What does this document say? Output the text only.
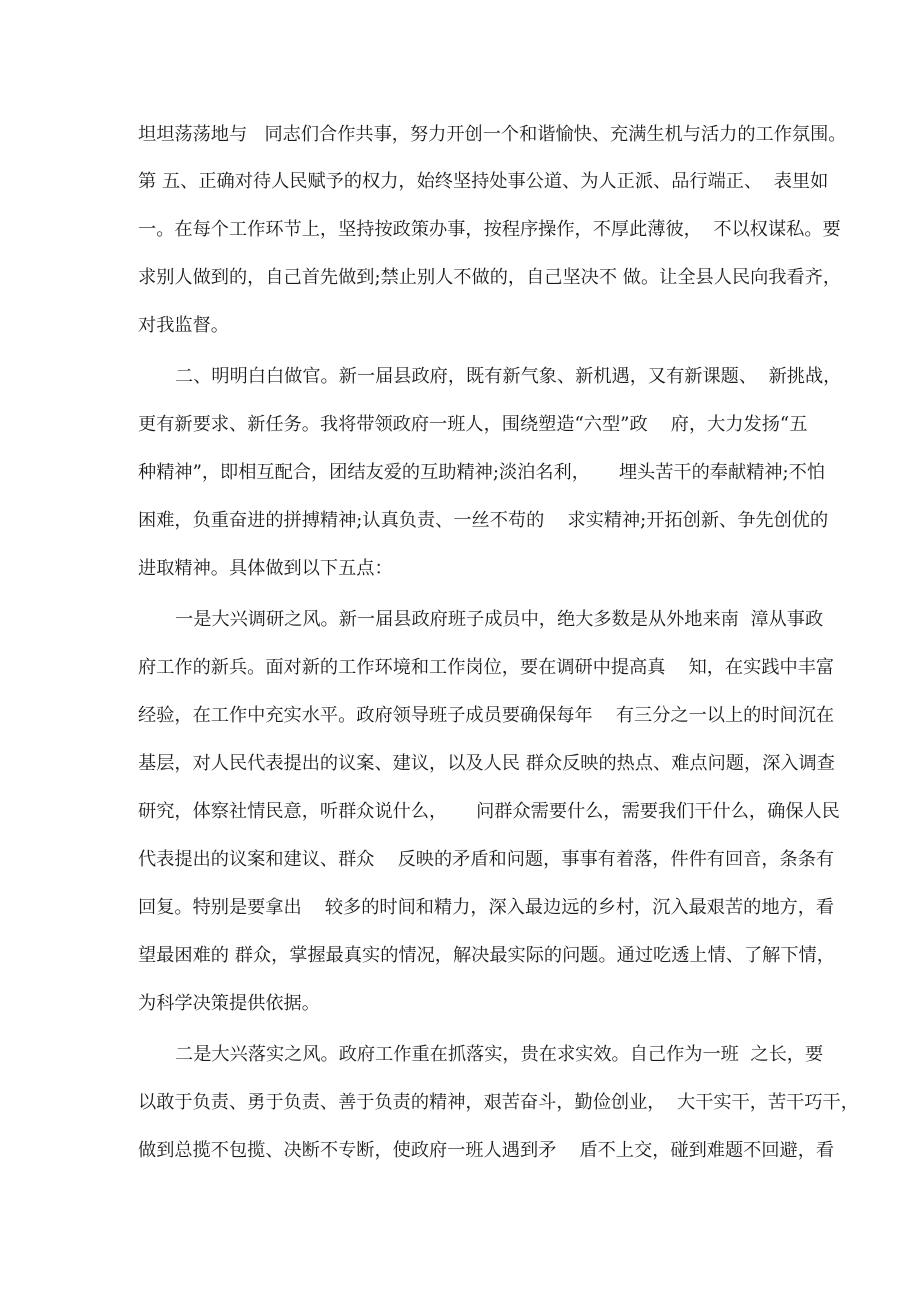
坦坦荡荡地与   同志们合作共事，努力开创一个和谐愉快、充满生机与活力的工作氛围。
第 五、正确对待人民赋予的权力，始终坚持处事公道、为人正派、品行端正、  表里如
一。在每个工作环节上，坚持按政策办事，按程序操作，不厚此薄彼，  不以权谋私。要
求别人做到的，自己首先做到;禁止别人不做的，自己坚决不 做。让全县人民向我看齐，
对我监督。
二、明明白白做官。新一届县政府，既有新气象、新机遇，又有新课题、  新挑战，
更有新要求、新任务。我将带领政府一班人，围绕塑造“六型”政    府，大力发扬“五
种精神”，即相互配合，团结友爱的互助精神;淡泊名利，     埋头苦干的奉献精神;不怕
困难，负重奋进的拼搏精神;认真负责、一丝不苟的    求实精神;开拓创新、争先创优的
进取精神。具体做到以下五点：
一是大兴调研之风。新一届县政府班子成员中，绝大多数是从外地来南  漳从事政
府工作的新兵。面对新的工作环境和工作岗位，要在调研中提高真    知，在实践中丰富
经验，在工作中充实水平。政府领导班子成员要确保每年    有三分之一以上的时间沉在
基层，对人民代表提出的议案、建议，以及人民 群众反映的热点、难点问题，深入调查
研究，体察社情民意，听群众说什么，     问群众需要什么，需要我们干什么，确保人民
代表提出的议案和建议、群众    反映的矛盾和问题，事事有着落，件件有回音，条条有
回复。特别是要拿出    较多的时间和精力，深入最边远的乡村，沉入最艰苦的地方，看
望最困难的 群众，掌握最真实的情况，解决最实际的问题。通过吃透上情、了解下情，
为科学决策提供依据。
二是大兴落实之风。政府工作重在抓落实，贵在求实效。自己作为一班  之长，要
以敢于负责、勇于负责、善于负责的精神，艰苦奋斗，勤俭创业，  大干实干，苦干巧干，
做到总揽不包揽、决断不专断，使政府一班人遇到矛    盾不上交，碰到难题不回避，看
